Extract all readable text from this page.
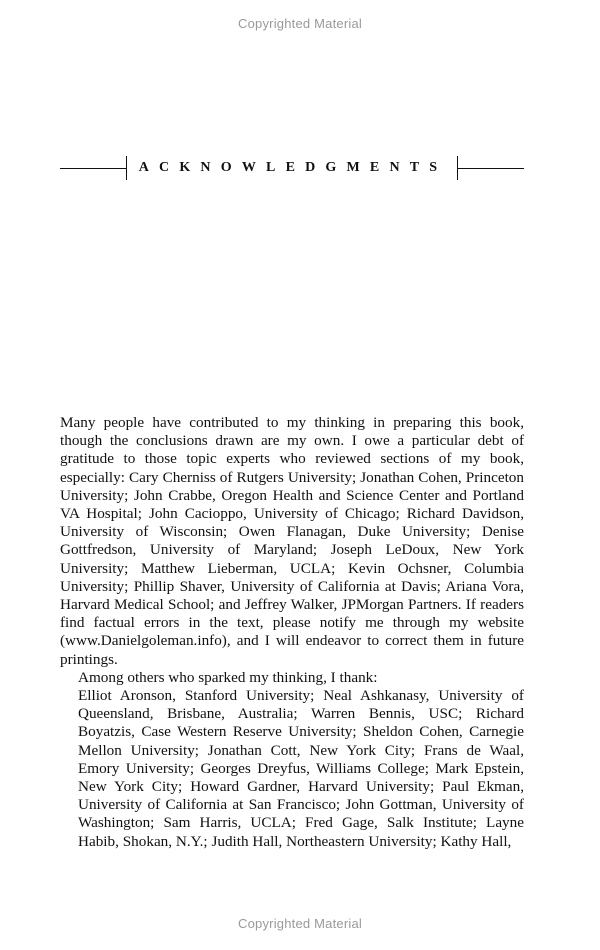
Copyrighted Material
ACKNOWLEDGMENTS

Many people have contributed to my thinking in preparing this book, though the conclusions drawn are my own. I owe a particular debt of gratitude to those topic experts who reviewed sections of my book, especially: Cary Cherniss of Rutgers University; Jonathan Cohen, Princeton University; John Crabbe, Oregon Health and Science Center and Portland VA Hospital; John Cacioppo, University of Chicago; Richard Davidson, University of Wisconsin; Owen Flanagan, Duke University; Denise Gottfredson, University of Maryland; Joseph LeDoux, New York University; Matthew Lieberman, UCLA; Kevin Ochsner, Columbia University; Phillip Shaver, University of California at Davis; Ariana Vora, Harvard Medical School; and Jeffrey Walker, JPMorgan Partners. If readers find factual errors in the text, please notify me through my website (www.Danielgoleman.info), and I will endeavor to correct them in future printings.

Among others who sparked my thinking, I thank:

Elliot Aronson, Stanford University; Neal Ashkanasy, University of Queensland, Brisbane, Australia; Warren Bennis, USC; Richard Boyatzis, Case Western Reserve University; Sheldon Cohen, Carnegie Mellon University; Jonathan Cott, New York City; Frans de Waal, Emory University; Georges Dreyfus, Williams College; Mark Epstein, New York City; Howard Gardner, Harvard University; Paul Ekman, University of California at San Francisco; John Gottman, University of Washington; Sam Harris, UCLA; Fred Gage, Salk Institute; Layne Habib, Shokan, N.Y.; Judith Hall, Northeastern University; Kathy Hall,

Copyrighted Material
